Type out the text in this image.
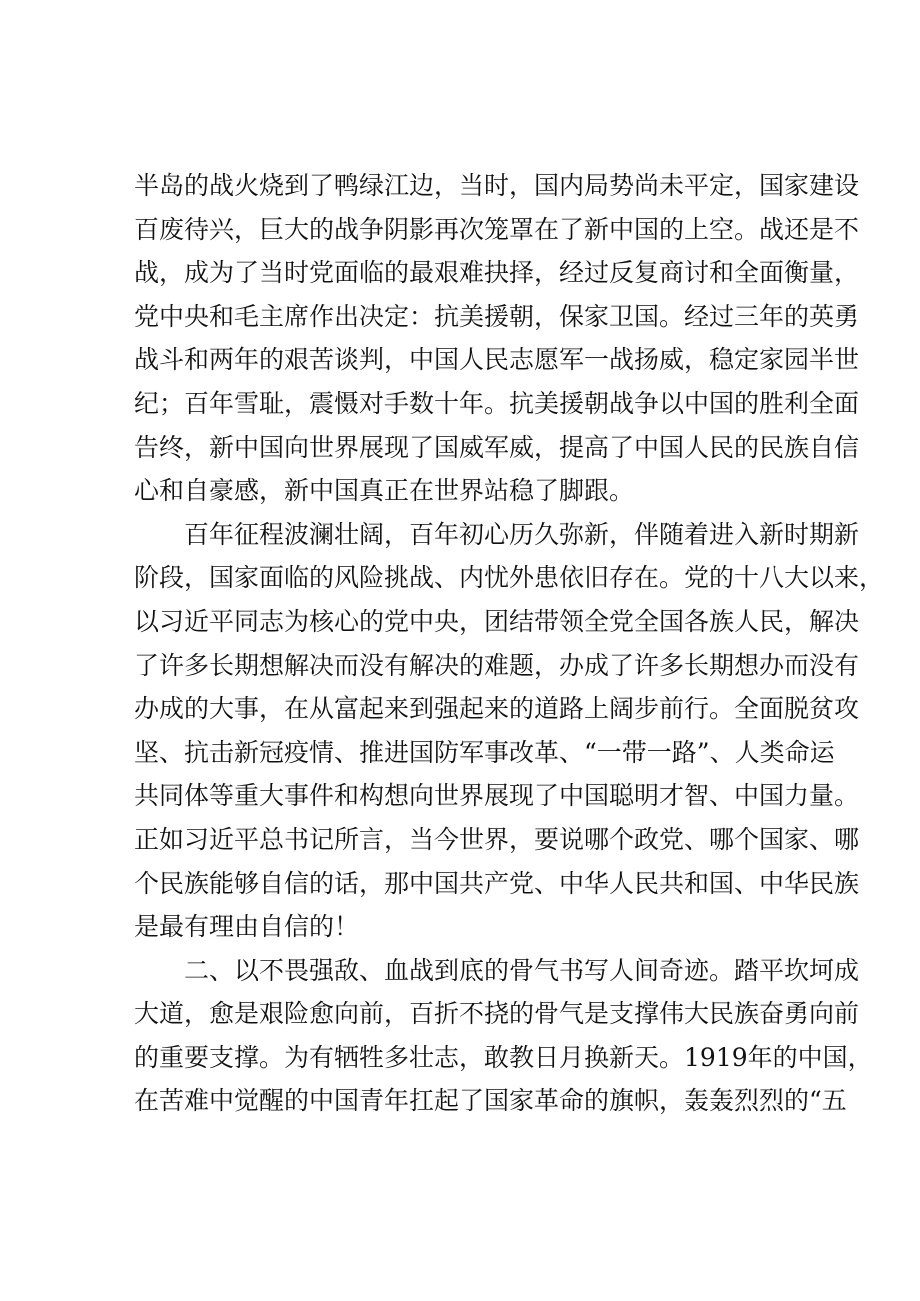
半岛的战火烧到了鸭绿江边，当时，国内局势尚未平定，国家建设
百废待兴，巨大的战争阴影再次笼罩在了新中国的上空。战还是不
战，成为了当时党面临的最艰难抉择，经过反复商讨和全面衡量，
党中央和毛主席作出决定：抗美援朝，保家卫国。经过三年的英勇
战斗和两年的艰苦谈判，中国人民志愿军一战扬威，稳定家园半世
纪；百年雪耻，震慑对手数十年。抗美援朝战争以中国的胜利全面
告终，新中国向世界展现了国威军威，提高了中国人民的民族自信
心和自豪感，新中国真正在世界站稳了脚跟。
百年征程波澜壮阔，百年初心历久弥新，伴随着进入新时期新
阶段，国家面临的风险挑战、内忧外患依旧存在。党的十八大以来，
以习近平同志为核心的党中央，团结带领全党全国各族人民，解决
了许多长期想解决而没有解决的难题，办成了许多长期想办而没有
办成的大事，在从富起来到强起来的道路上阔步前行。全面脱贫攻
坚、抗击新冠疫情、推进国防军事改革、“一带一路”、人类命运
共同体等重大事件和构想向世界展现了中国聪明才智、中国力量。
正如习近平总书记所言，当今世界，要说哪个政党、哪个国家、哪
个民族能够自信的话，那中国共产党、中华人民共和国、中华民族
是最有理由自信的！
二、以不畏强敌、血战到底的骨气书写人间奇迹。踏平坎坷成
大道，愈是艰险愈向前，百折不挠的骨气是支撑伟大民族奋勇向前
的重要支撑。为有牺牲多壮志，敢教日月换新天。1919年的中国，
在苦难中觉醒的中国青年扛起了国家革命的旗帜，轰轰烈烈的“五
